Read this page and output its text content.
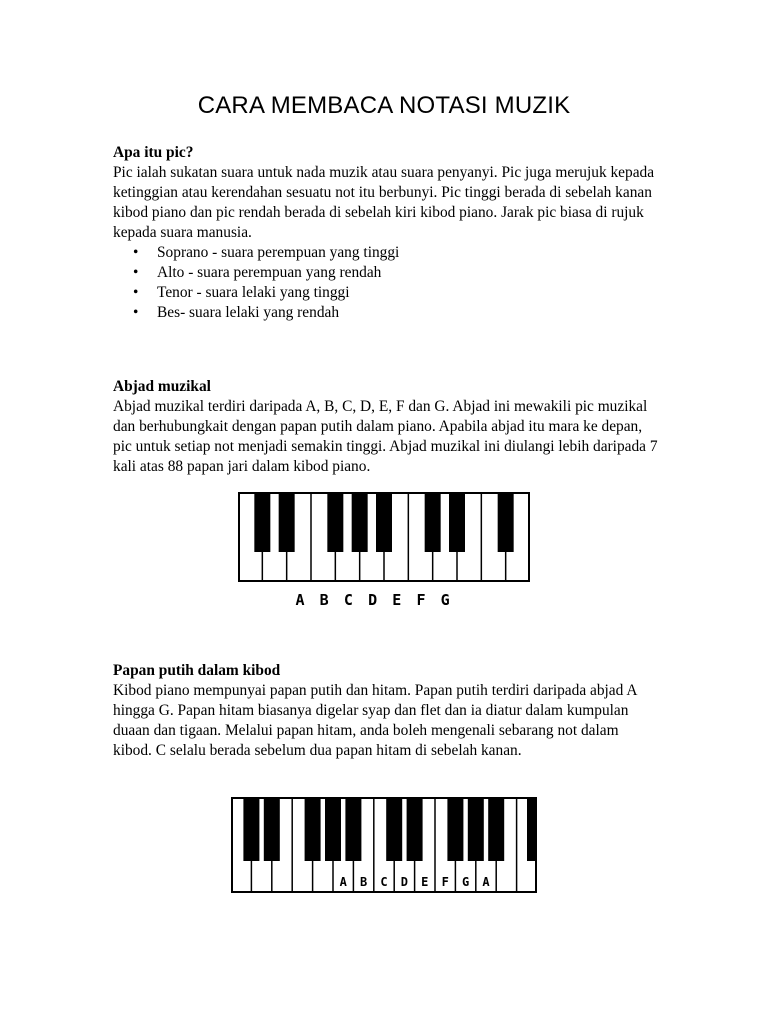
CARA MEMBACA NOTASI MUZIK
Apa itu pic?

Pic ialah sukatan suara untuk nada muzik atau suara penyanyi. Pic juga merujuk kepada ketinggian atau kerendahan sesuatu not itu berbunyi. Pic tinggi berada di sebelah kanan kibod piano dan pic rendah berada di sebelah kiri kibod piano. Jarak pic biasa di rujuk kepada suara manusia.

• Soprano - suara perempuan yang tinggi
• Alto - suara perempuan yang rendah
• Tenor - suara lelaki yang tinggi
• Bes- suara lelaki yang rendah
Abjad muzikal

Abjad muzikal terdiri daripada A, B, C, D, E, F dan G. Abjad ini mewakili pic muzikal dan berhubungkait dengan papan putih dalam piano. Apabila abjad itu mara ke depan, pic untuk setiap not menjadi semakin tinggi. Abjad muzikal ini diulangi lebih daripada 7 kali atas 88 papan jari dalam kibod piano.

A B C D E F G
Papan putih dalam kibod

Kibod piano mempunyai papan putih dan hitam. Papan putih terdiri daripada abjad A hingga G. Papan hitam biasanya digelar syap dan flet dan ia diatur dalam kumpulan duaan dan tigaan. Melalui papan hitam, anda boleh mengenali sebarang not dalam kibod. C selalu berada sebelum dua papan hitam di sebelah kanan.

A B C D E F G A
